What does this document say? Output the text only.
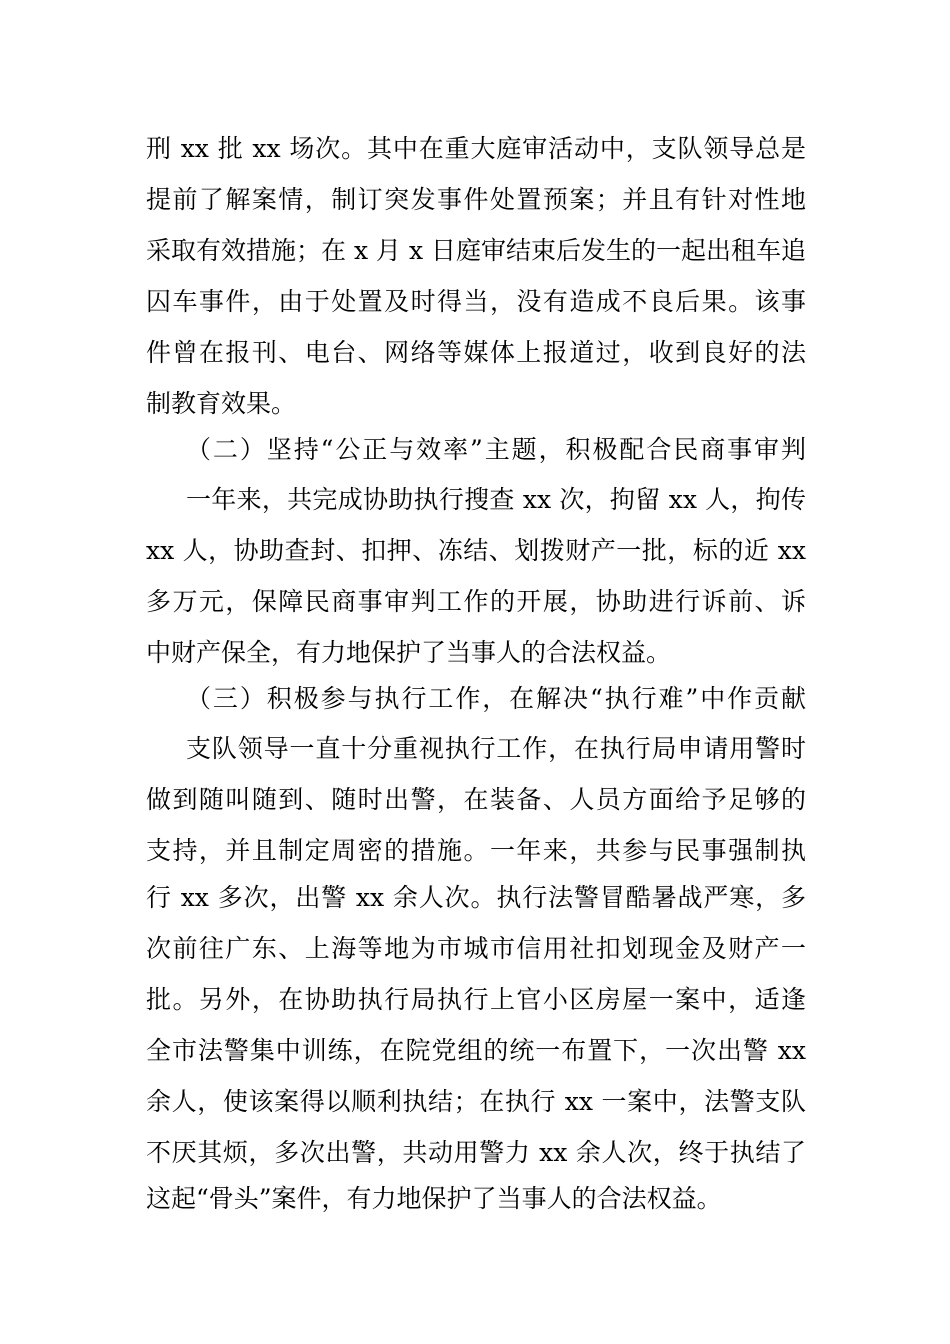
刑 xx 批 xx 场次。其中在重大庭审活动中，支队领导总是
提前了解案情，制订突发事件处置预案；并且有针对性地
采取有效措施；在 x 月 x 日庭审结束后发生的一起出租车追
囚车事件，由于处置及时得当，没有造成不良后果。该事
件曾在报刊、电台、网络等媒体上报道过，收到良好的法
制教育效果。
（二）坚持“公正与效率”主题，积极配合民商事审判
一年来，共完成协助执行搜查 xx 次，拘留 xx 人，拘传
xx 人，协助查封、扣押、冻结、划拨财产一批，标的近 xx
多万元，保障民商事审判工作的开展，协助进行诉前、诉
中财产保全，有力地保护了当事人的合法权益。
（三）积极参与执行工作，在解决“执行难”中作贡献
支队领导一直十分重视执行工作，在执行局申请用警时
做到随叫随到、随时出警，在装备、人员方面给予足够的
支持，并且制定周密的措施。一年来，共参与民事强制执
行 xx 多次，出警 xx 余人次。执行法警冒酷暑战严寒，多
次前往广东、上海等地为市城市信用社扣划现金及财产一
批。另外，在协助执行局执行上官小区房屋一案中，适逢
全市法警集中训练，在院党组的统一布置下，一次出警 xx
余人，使该案得以顺利执结；在执行 xx 一案中，法警支队
不厌其烦，多次出警，共动用警力 xx 余人次，终于执结了
这起“骨头”案件，有力地保护了当事人的合法权益。
